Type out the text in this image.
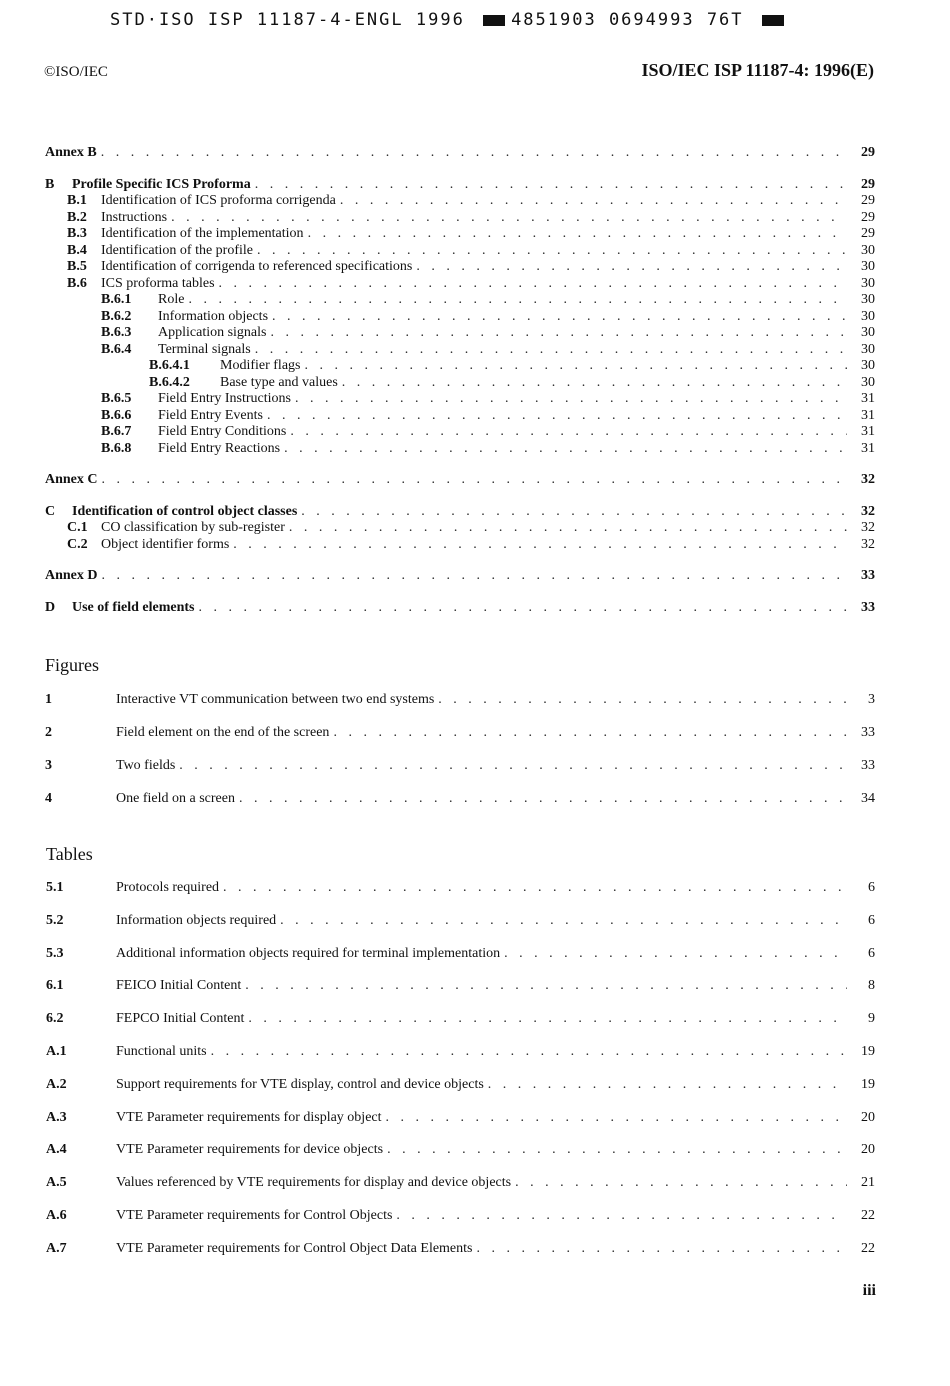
STD·ISO ISP 11187-4-ENGL 1996	4851903 0694993 76T
©ISO/IEC	ISO/IEC ISP 11187-4: 1996(E)
Annex B . . .	29
B	Profile Specific ICS Proforma . . .	29
B.1	Identification of ICS proforma corrigenda . . .	29
B.2	Instructions . . .	29
B.3	Identification of the implementation . . .	29
B.4	Identification of the profile . . .	30
B.5	Identification of corrigenda to referenced specifications . . .	30
B.6	ICS proforma tables . . .	30
B.6.1	Role . . .	30
B.6.2	Information objects . . .	30
B.6.3	Application signals . . .	30
B.6.4	Terminal signals . . .	30
B.6.4.1	Modifier flags . . .	30
B.6.4.2	Base type and values . . .	30
B.6.5	Field Entry Instructions . . .	31
B.6.6	Field Entry Events . . .	31
B.6.7	Field Entry Conditions . . .	31
B.6.8	Field Entry Reactions . . .	31
Annex C . . .	32
C	Identification of control object classes . . .	32
C.1 CO classification by sub-register . . .	32
C.2 Object identifier forms . . .	32
Annex D . . .	33
D	Use of field elements . . .	33
Figures
1	Interactive VT communication between two end systems . . .	3
2	Field element on the end of the screen . . .	33
3	Two fields . . .	33
4	One field on a screen . . .	34
Tables
5.1	Protocols required . . .	6
5.2	Information objects required . . .	6
5.3	Additional information objects required for terminal implementation . . .	6
6.1	FEICO Initial Content . . .	8
6.2	FEPCO Initial Content . . .	9
A.1	Functional units . . .	19
A.2	Support requirements for VTE display, control and device objects . . .	19
A.3	VTE Parameter requirements for display object . . .	20
A.4	VTE Parameter requirements for device objects . . .	20
A.5	Values referenced by VTE requirements for display and device objects . . .	21
A.6	VTE Parameter requirements for Control Objects . . .	22
A.7	VTE Parameter requirements for Control Object Data Elements . . .	22
iii
